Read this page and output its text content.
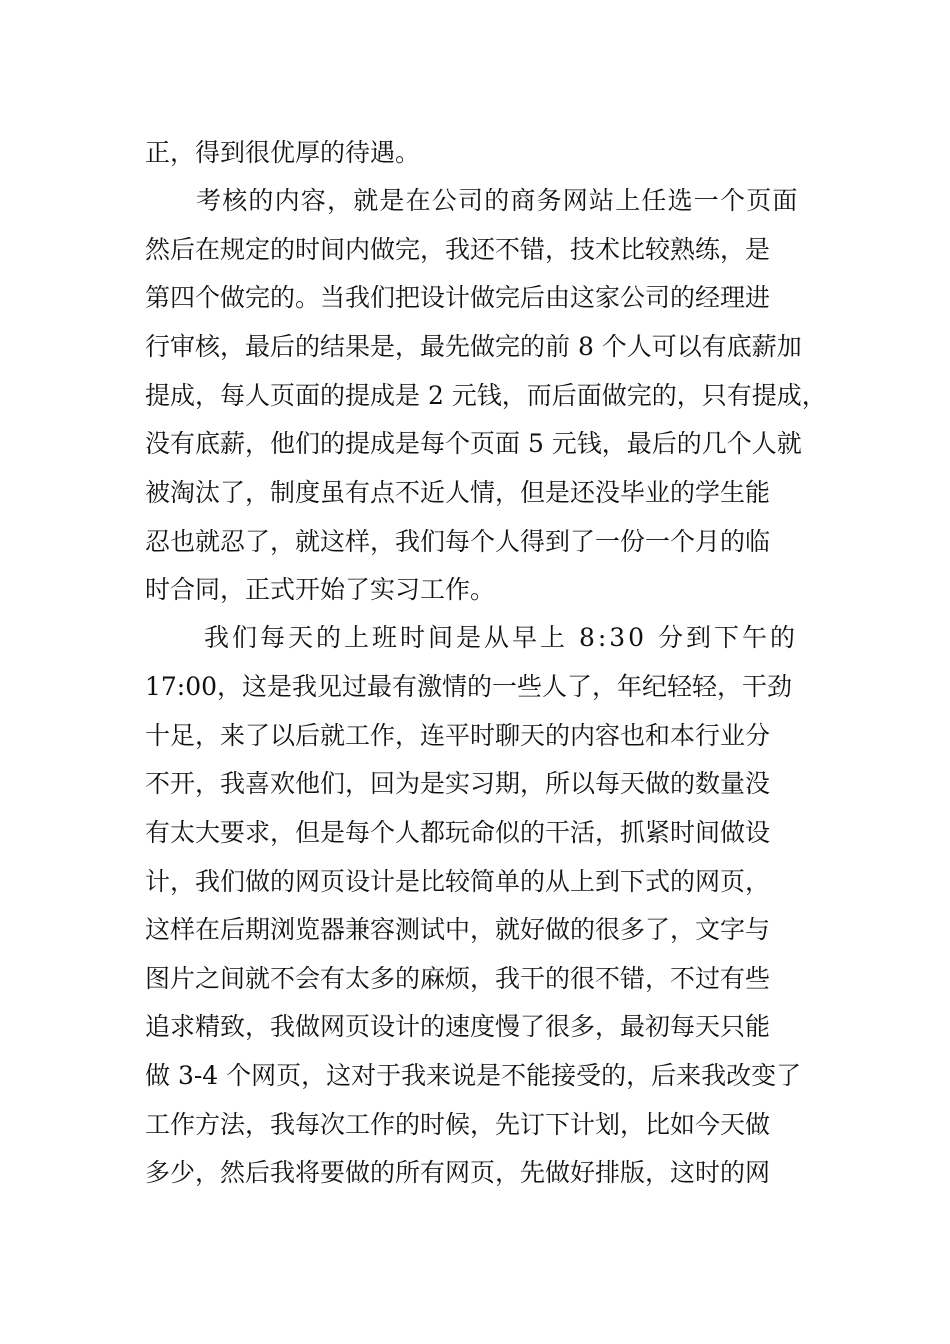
正，得到很优厚的待遇。
考核的内容，就是在公司的商务网站上任选一个页面
然后在规定的时间内做完，我还不错，技术比较熟练，是
第四个做完的。当我们把设计做完后由这家公司的经理进
行审核，最后的结果是，最先做完的前 8 个人可以有底薪加
提成，每人页面的提成是 2 元钱，而后面做完的，只有提成，
没有底薪，他们的提成是每个页面 5 元钱，最后的几个人就
被淘汰了，制度虽有点不近人情，但是还没毕业的学生能
忍也就忍了，就这样，我们每个人得到了一份一个月的临
时合同，正式开始了实习工作。
我们每天的上班时间是从早上 8:30 分到下午的
17:00，这是我见过最有激情的一些人了，年纪轻轻，干劲
十足，来了以后就工作，连平时聊天的内容也和本行业分
不开，我喜欢他们，回为是实习期，所以每天做的数量没
有太大要求，但是每个人都玩命似的干活，抓紧时间做设
计，我们做的网页设计是比较简单的从上到下式的网页，
这样在后期浏览器兼容测试中，就好做的很多了，文字与
图片之间就不会有太多的麻烦，我干的很不错，不过有些
追求精致，我做网页设计的速度慢了很多，最初每天只能
做 3-4 个网页，这对于我来说是不能接受的，后来我改变了
工作方法，我每次工作的时候，先订下计划，比如今天做
多少，然后我将要做的所有网页，先做好排版，这时的网
